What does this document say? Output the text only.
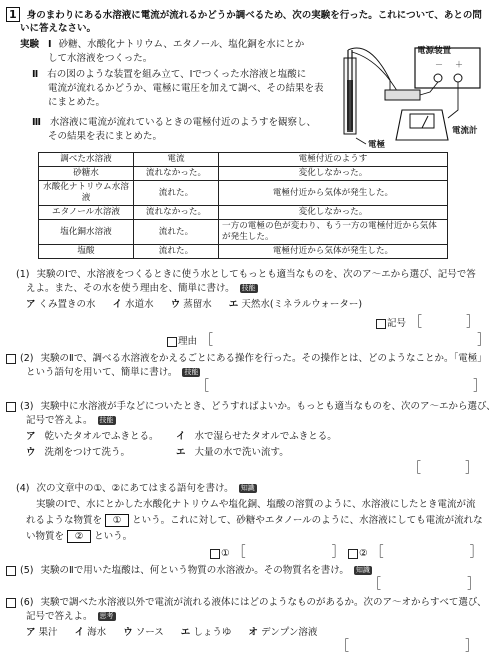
1 身のまわりにある水溶液に電流が流れるかどうか調べるため、次の実験を行った。これについて、あとの問
いに答えなさい。
実験 Ⅰ 砂糖、水酸化ナトリウム、エタノール、塩化銅を水にとか
して水溶液をつくった。
Ⅱ 右の図のような装置を組み立て、Ⅰでつくった水溶液と塩酸に
電流が流れるかどうか、電極に電圧を加えて調べ、その結果を表
にまとめた。
Ⅲ 水溶液に電流が流れているときの電極付近のようすを観察し、
その結果を表にまとめた。
電源装置
－ ＋
電流計
電極
調べた水溶液	電流	電極付近のようす
砂糖水	流れなかった。	変化しなかった。
水酸化ナトリウム水溶液	流れた。	電極付近から気体が発生した。
エタノール水溶液	流れなかった。	変化しなかった。
塩化銅水溶液	流れた。	一方の電極の色が変わり、もう一方の電極付近から気体が発生した。
塩酸	流れた。	電極付近から気体が発生した。
(1) 実験のⅠで、水溶液をつくるときに使う水としてもっとも適当なものを、次のア～エから選び、記号で答
えよ。また、その水を使う理由を、簡単に書け。 技能
ア くみ置きの水 イ 水道水 ウ 蒸留水 エ 天然水(ミネラルウォーター)
記号 ［	］
理由 ［	］
(2) 実験のⅡで、調べる水溶液をかえるごとにある操作を行った。その操作とは、どのようなことか。「電極」
という語句を用いて、簡単に書け。 技能
［	］
(3) 実験中に水溶液が手などについたとき、どうすればよいか。もっとも適当なものを、次のア～エから選び、
記号で答えよ。 技能
ア 乾いたタオルでふきとる。 イ 水で湿らせたタオルでふきとる。
ウ 洗剤をつけて洗う。	エ 大量の水で洗い流す。
［	］
(4) 次の文章中の①、②にあてはまる語句を書け。 知識
実験のⅠで、水にとかした水酸化ナトリウムや塩化銅、塩酸の溶質のように、水溶液にしたとき電流が流
れるような物質を ① という。これに対して、砂糖やエタノールのように、水溶液にしても電流が流れな
い物質を ② という。
① ［	］	② ［	］
(5) 実験のⅡで用いた塩酸は、何という物質の水溶液か。その物質名を書け。 知識
［	］
(6) 実験で調べた水溶液以外で電流が流れる液体にはどのようなものがあるか。次のア～オからすべて選び、
記号で答えよ。 思考
ア 果汁 イ 海水 ウ ソース エ しょうゆ オ デンプン溶液
［	］
